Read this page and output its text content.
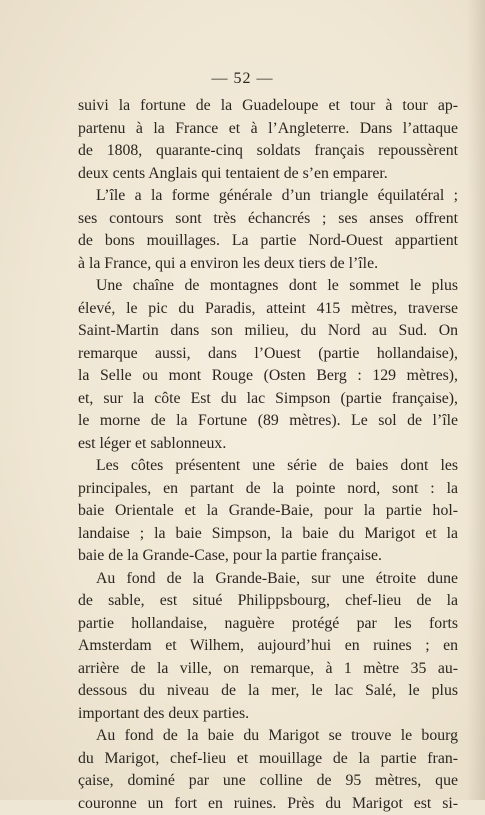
— 52 —

suivi la fortune de la Guadeloupe et tour à tour ap-
partenu à la France et à l’Angleterre. Dans l’attaque
de 1808, quarante-cinq soldats français repoussèrent
deux cents Anglais qui tentaient de s’en emparer.

L’île a la forme générale d’un triangle équilatéral ;
ses contours sont très échancrés ; ses anses offrent
de bons mouillages. La partie Nord-Ouest appartient
à la France, qui a environ les deux tiers de l’île.

Une chaîne de montagnes dont le sommet le plus
élevé, le pic du Paradis, atteint 415 mètres, traverse
Saint-Martin dans son milieu, du Nord au Sud. On
remarque aussi, dans l’Ouest (partie hollandaise),
la Selle ou mont Rouge (Osten Berg : 129 mètres),
et, sur la côte Est du lac Simpson (partie française),
le morne de la Fortune (89 mètres). Le sol de l’île
est léger et sablonneux.

Les côtes présentent une série de baies dont les
principales, en partant de la pointe nord, sont : la
baie Orientale et la Grande-Baie, pour la partie hol-
landaise ; la baie Simpson, la baie du Marigot et la
baie de la Grande-Case, pour la partie française.

Au fond de la Grande-Baie, sur une étroite dune
de sable, est situé Philippsbourg, chef-lieu de la
partie hollandaise, naguère protégé par les forts
Amsterdam et Wilhem, aujourd’hui en ruines ; en
arrière de la ville, on remarque, à 1 mètre 35 au-
dessous du niveau de la mer, le lac Salé, le plus
important des deux parties.

Au fond de la baie du Marigot se trouve le bourg
du Marigot, chef-lieu et mouillage de la partie fran-
çaise, dominé par une colline de 95 mètres, que
couronne un fort en ruines. Près du Marigot est si-
